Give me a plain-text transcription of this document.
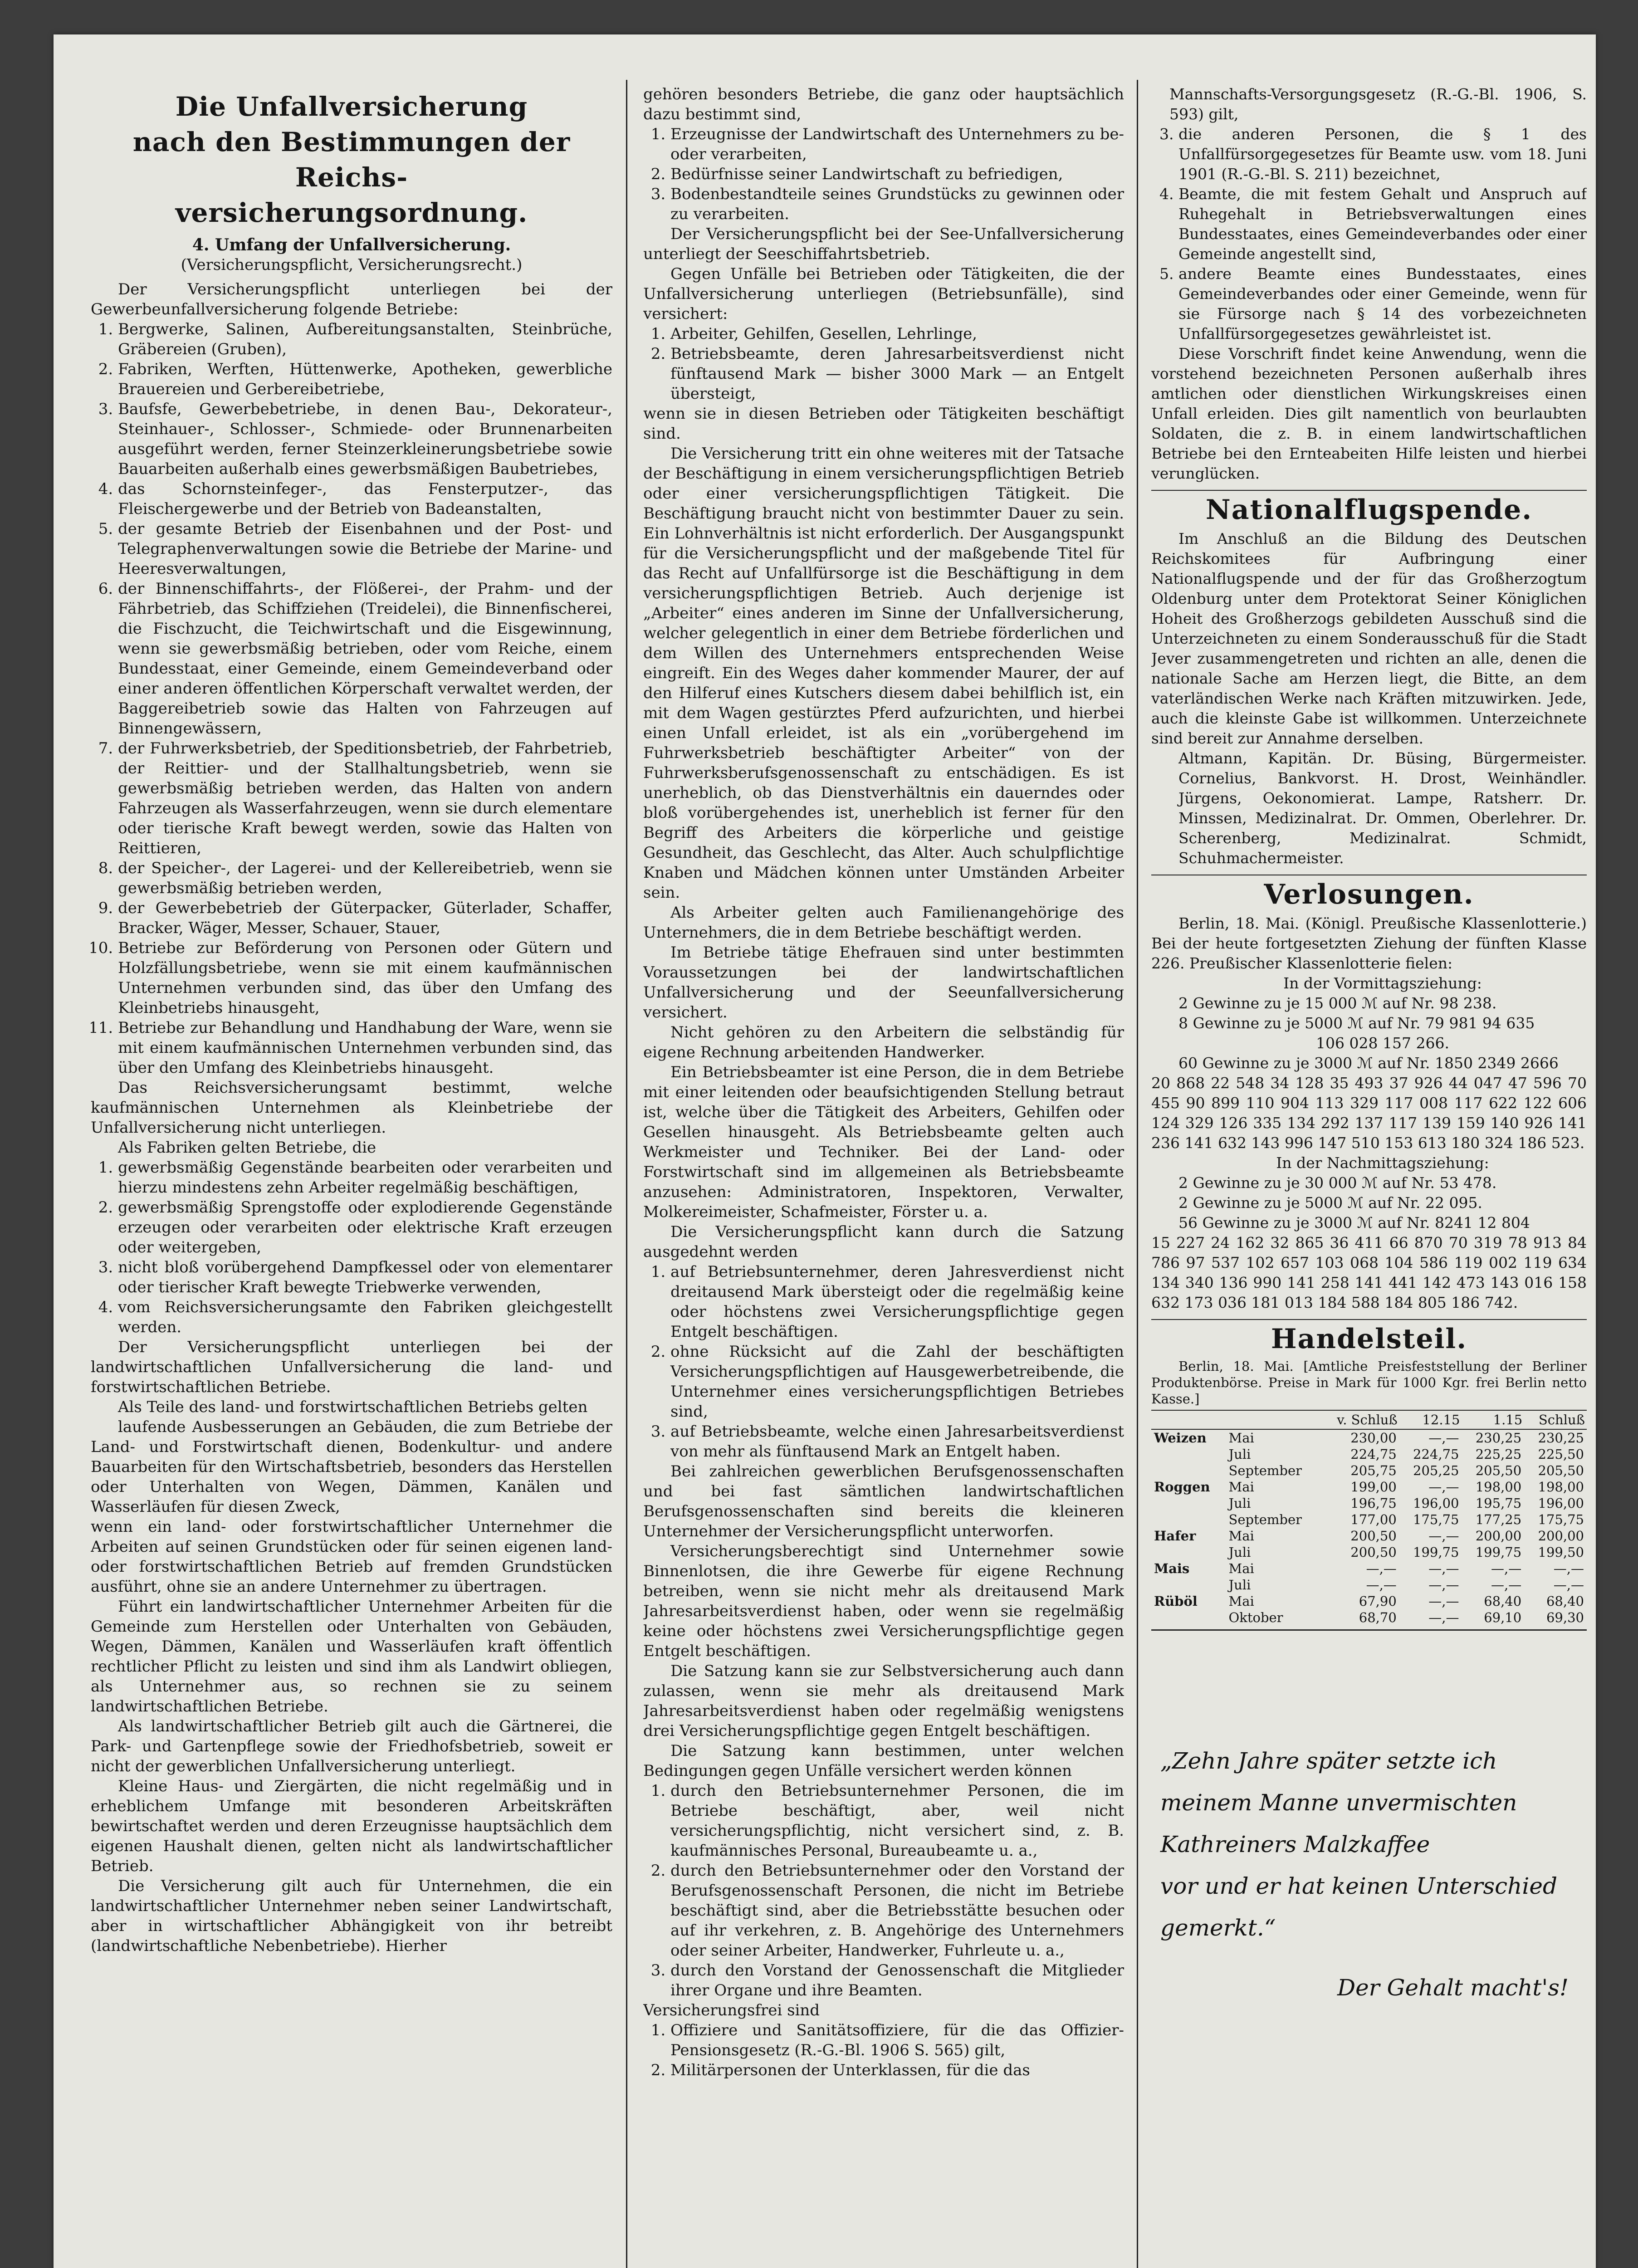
Die Unfallversicherung
nach den Bestimmungen der Reichs-
versicherungsordnung.
4. Umfang der Unfallversicherung.
(Versicherungspflicht, Versicherungsrecht.)

Der Versicherungspflicht unterliegen bei der Gewerbeunfallversicherung folgende Betriebe:

1. Bergwerke, Salinen, Aufbereitungsanstalten, Steinbrüche, Gräbereien (Gruben),
2. Fabriken, Werften, Hüttenwerke, Apotheken, gewerbliche Brauereien und Gerbereibetriebe,
3. Baufsfe, Gewerbebetriebe, in denen Bau-, Dekorateur-, Steinhauer-, Schlosser-, Schmiede- oder Brunnenarbeiten ausgeführt werden, ferner Steinzerkleinerungsbetriebe sowie Bauarbeiten außerhalb eines gewerbsmäßigen Baubetriebes,
4. das Schornsteinfeger-, das Fensterputzer-, das Fleischergewerbe und der Betrieb von Badeanstalten,
5. der gesamte Betrieb der Eisenbahnen und der Post- und Telegraphenverwaltungen sowie die Betriebe der Marine- und Heeresverwaltungen,
6. der Binnenschiffahrts-, der Flößerei-, der Prahm- und der Fährbetrieb, das Schiffziehen (Treidelei), die Binnenfischerei, die Fischzucht, die Teichwirtschaft und die Eisgewinnung, wenn sie gewerbsmäßig betrieben, oder vom Reiche, einem Bundesstaat, einer Gemeinde, einem Gemeindeverband oder einer anderen öffentlichen Körperschaft verwaltet werden, der Baggereibetrieb sowie das Halten von Fahrzeugen auf Binnengewässern,
7. der Fuhrwerksbetrieb, der Speditionsbetrieb, der Fahrbetrieb, der Reittier- und der Stallhaltungsbetrieb, wenn sie gewerbsmäßig betrieben werden, das Halten von andern Fahrzeugen als Wasserfahrzeugen, wenn sie durch elementare oder tierische Kraft bewegt werden, sowie das Halten von Reittieren,
8. der Speicher-, der Lagerei- und der Kellereibetrieb, wenn sie gewerbsmäßig betrieben werden,
9. der Gewerbebetrieb der Güterpacker, Güterlader, Schaffer, Bracker, Wäger, Messer, Schauer, Stauer,
10. Betriebe zur Beförderung von Personen oder Gütern und Holzfällungsbetriebe, wenn sie mit einem kaufmännischen Unternehmen verbunden sind, das über den Umfang des Kleinbetriebs hinausgeht,
11. Betriebe zur Behandlung und Handhabung der Ware, wenn sie mit einem kaufmännischen Unternehmen verbunden sind, das über den Umfang des Kleinbetriebs hinausgeht.

Das Reichsversicherungsamt bestimmt, welche kaufmännischen Unternehmen als Kleinbetriebe der Unfallversicherung nicht unterliegen.

Als Fabriken gelten Betriebe, die

1. gewerbsmäßig Gegenstände bearbeiten oder verarbeiten und hierzu mindestens zehn Arbeiter regelmäßig beschäftigen,
2. gewerbsmäßig Sprengstoffe oder explodierende Gegenstände erzeugen oder verarbeiten oder elektrische Kraft erzeugen oder weitergeben,
3. nicht bloß vorübergehend Dampfkessel oder von elementarer oder tierischer Kraft bewegte Triebwerke verwenden,
4. vom Reichsversicherungsamte den Fabriken gleichgestellt werden.

Der Versicherungspflicht unterliegen bei der landwirtschaftlichen Unfallversicherung die land- und forstwirtschaftlichen Betriebe.

Als Teile des land- und forstwirtschaftlichen Betriebs gelten

laufende Ausbesserungen an Gebäuden, die zum Betriebe der Land- und Forstwirtschaft dienen, Bodenkultur- und andere Bauarbeiten für den Wirtschaftsbetrieb, besonders das Herstellen oder Unterhalten von Wegen, Dämmen, Kanälen und Wasserläufen für diesen Zweck,

wenn ein land- oder forstwirtschaftlicher Unternehmer die Arbeiten auf seinen Grundstücken oder für seinen eigenen land- oder forstwirtschaftlichen Betrieb auf fremden Grundstücken ausführt, ohne sie an andere Unternehmer zu übertragen.

Führt ein landwirtschaftlicher Unternehmer Arbeiten für die Gemeinde zum Herstellen oder Unterhalten von Gebäuden, Wegen, Dämmen, Kanälen und Wasserläufen kraft öffentlich rechtlicher Pflicht zu leisten und sind ihm als Landwirt obliegen, als Unternehmer aus, so rechnen sie zu seinem landwirtschaftlichen Betriebe.

Als landwirtschaftlicher Betrieb gilt auch die Gärtnerei, die Park- und Gartenpflege sowie der Friedhofsbetrieb, soweit er nicht der gewerblichen Unfallversicherung unterliegt.

Kleine Haus- und Ziergärten, die nicht regelmäßig und in erheblichem Umfange mit besonderen Arbeitskräften bewirtschaftet werden und deren Erzeugnisse hauptsächlich dem eigenen Haushalt dienen, gelten nicht als landwirtschaftlicher Betrieb.

Die Versicherung gilt auch für Unternehmen, die ein landwirtschaftlicher Unternehmer neben seiner Landwirtschaft, aber in wirtschaftlicher Abhängigkeit von ihr betreibt (landwirtschaftliche Nebenbetriebe). Hierher

gehören besonders Betriebe, die ganz oder hauptsächlich dazu bestimmt sind,

1. Erzeugnisse der Landwirtschaft des Unternehmers zu be- oder verarbeiten,
2. Bedürfnisse seiner Landwirtschaft zu befriedigen,
3. Bodenbestandteile seines Grundstücks zu gewinnen oder zu verarbeiten.

Der Versicherungspflicht bei der See-Unfallversicherung unterliegt der Seeschiffahrtsbetrieb.

Gegen Unfälle bei Betrieben oder Tätigkeiten, die der Unfallversicherung unterliegen (Betriebsunfälle), sind versichert:

1. Arbeiter, Gehilfen, Gesellen, Lehrlinge,
2. Betriebsbeamte, deren Jahresarbeitsverdienst nicht fünftausend Mark — bisher 3000 Mark — an Entgelt übersteigt,

wenn sie in diesen Betrieben oder Tätigkeiten beschäftigt sind.

Die Versicherung tritt ein ohne weiteres mit der Tatsache der Beschäftigung in einem versicherungspflichtigen Betrieb oder einer versicherungspflichtigen Tätigkeit. Die Beschäftigung braucht nicht von bestimmter Dauer zu sein. Ein Lohnverhältnis ist nicht erforderlich. Der Ausgangspunkt für die Versicherungspflicht und der maßgebende Titel für das Recht auf Unfallfürsorge ist die Beschäftigung in dem versicherungspflichtigen Betrieb. Auch derjenige ist „Arbeiter“ eines anderen im Sinne der Unfallversicherung, welcher gelegentlich in einer dem Betriebe förderlichen und dem Willen des Unternehmers entsprechenden Weise eingreift. Ein des Weges daher kommender Maurer, der auf den Hilferuf eines Kutschers diesem dabei behilflich ist, ein mit dem Wagen gestürztes Pferd aufzurichten, und hierbei einen Unfall erleidet, ist als ein „vorübergehend im Fuhrwerksbetrieb beschäftigter Arbeiter“ von der Fuhrwerksberufsgenossenschaft zu entschädigen. Es ist unerheblich, ob das Dienstverhältnis ein dauerndes oder bloß vorübergehendes ist, unerheblich ist ferner für den Begriff des Arbeiters die körperliche und geistige Gesundheit, das Geschlecht, das Alter. Auch schulpflichtige Knaben und Mädchen können unter Umständen Arbeiter sein.

Als Arbeiter gelten auch Familienangehörige des Unternehmers, die in dem Betriebe beschäftigt werden.

Im Betriebe tätige Ehefrauen sind unter bestimmten Voraussetzungen bei der landwirtschaftlichen Unfallversicherung und der Seeunfallversicherung versichert.

Nicht gehören zu den Arbeitern die selbständig für eigene Rechnung arbeitenden Handwerker.

Ein Betriebsbeamter ist eine Person, die in dem Betriebe mit einer leitenden oder beaufsichtigenden Stellung betraut ist, welche über die Tätigkeit des Arbeiters, Gehilfen oder Gesellen hinausgeht. Als Betriebsbeamte gelten auch Werkmeister und Techniker. Bei der Land- oder Forstwirtschaft sind im allgemeinen als Betriebsbeamte anzusehen: Administratoren, Inspektoren, Verwalter, Molkereimeister, Schafmeister, Förster u. a.

Die Versicherungspflicht kann durch die Satzung ausgedehnt werden

1. auf Betriebsunternehmer, deren Jahresverdienst nicht dreitausend Mark übersteigt oder die regelmäßig keine oder höchstens zwei Versicherungspflichtige gegen Entgelt beschäftigen.
2. ohne Rücksicht auf die Zahl der beschäftigten Versicherungspflichtigen auf Hausgewerbetreibende, die Unternehmer eines versicherungspflichtigen Betriebes sind,
3. auf Betriebsbeamte, welche einen Jahresarbeitsverdienst von mehr als fünftausend Mark an Entgelt haben.

Bei zahlreichen gewerblichen Berufsgenossenschaften und bei fast sämtlichen landwirtschaftlichen Berufsgenossenschaften sind bereits die kleineren Unternehmer der Versicherungspflicht unterworfen.

Versicherungsberechtigt sind Unternehmer sowie Binnenlotsen, die ihre Gewerbe für eigene Rechnung betreiben, wenn sie nicht mehr als dreitausend Mark Jahresarbeitsverdienst haben, oder wenn sie regelmäßig keine oder höchstens zwei Versicherungspflichtige gegen Entgelt beschäftigen.

Die Satzung kann sie zur Selbstversicherung auch dann zulassen, wenn sie mehr als dreitausend Mark Jahresarbeitsverdienst haben oder regelmäßig wenigstens drei Versicherungspflichtige gegen Entgelt beschäftigen.

Die Satzung kann bestimmen, unter welchen Bedingungen gegen Unfälle versichert werden können

1. durch den Betriebsunternehmer Personen, die im Betriebe beschäftigt, aber, weil nicht versicherungspflichtig, nicht versichert sind, z. B. kaufmännisches Personal, Bureaubeamte u. a.,
2. durch den Betriebsunternehmer oder den Vorstand der Berufsgenossenschaft Personen, die nicht im Betriebe beschäftigt sind, aber die Betriebsstätte besuchen oder auf ihr verkehren, z. B. Angehörige des Unternehmers oder seiner Arbeiter, Handwerker, Fuhrleute u. a.,
3. durch den Vorstand der Genossenschaft die Mitglieder ihrer Organe und ihre Beamten.

Versicherungsfrei sind

1. Offiziere und Sanitätsoffiziere, für die das Offizier-Pensionsgesetz (R.-G.-Bl. 1906 S. 565) gilt,
2. Militärpersonen der Unterklassen, für die das

Mannschafts-Versorgungsgesetz (R.-G.-Bl. 1906, S. 593) gilt,

3. die anderen Personen, die § 1 des Unfallfürsorgegesetzes für Beamte usw. vom 18. Juni 1901 (R.-G.-Bl. S. 211) bezeichnet,
4. Beamte, die mit festem Gehalt und Anspruch auf Ruhegehalt in Betriebsverwaltungen eines Bundesstaates, eines Gemeindeverbandes oder einer Gemeinde angestellt sind,
5. andere Beamte eines Bundesstaates, eines Gemeindeverbandes oder einer Gemeinde, wenn für sie Fürsorge nach § 14 des vorbezeichneten Unfallfürsorgegesetzes gewährleistet ist.

Diese Vorschrift findet keine Anwendung, wenn die vorstehend bezeichneten Personen außerhalb ihres amtlichen oder dienstlichen Wirkungskreises einen Unfall erleiden. Dies gilt namentlich von beurlaubten Soldaten, die z. B. in einem landwirtschaftlichen Betriebe bei den Ernteabeiten Hilfe leisten und hierbei verunglücken.

Nationalflugspende.

Im Anschluß an die Bildung des Deutschen Reichskomitees für Aufbringung einer Nationalflugspende und der für das Großherzogtum Oldenburg unter dem Protektorat Seiner Königlichen Hoheit des Großherzogs gebildeten Ausschuß sind die Unterzeichneten zu einem Sonderausschuß für die Stadt Jever zusammengetreten und richten an alle, denen die nationale Sache am Herzen liegt, die Bitte, an dem vaterländischen Werke nach Kräften mitzuwirken. Jede, auch die kleinste Gabe ist willkommen. Unterzeichnete sind bereit zur Annahme derselben.

Altmann, Kapitän. Dr. Büsing, Bürgermeister. Cornelius, Bankvorst. H. Drost, Weinhändler. Jürgens, Oekonomierat. Lampe, Ratsherr. Dr. Minssen, Medizinalrat. Dr. Ommen, Oberlehrer. Dr. Scherenberg, Medizinalrat. Schmidt, Schuhmachermeister.

Verlosungen.

Berlin, 18. Mai. (Königl. Preußische Klassenlotterie.) Bei der heute fortgesetzten Ziehung der fünften Klasse 226. Preußischer Klassenlotterie fielen:

In der Vormittagsziehung:

2 Gewinne zu je 15 000 ℳ auf Nr. 98 238.

8 Gewinne zu je 5000 ℳ auf Nr. 79 981 94 635

106 028 157 266.

60 Gewinne zu je 3000 ℳ auf Nr. 1850 2349 2666

20 868 22 548 34 128 35 493 37 926 44 047 47 596 70 455 90 899 110 904 113 329 117 008 117 622 122 606 124 329 126 335 134 292 137 117 139 159 140 926 141 236 141 632 143 996 147 510 153 613 180 324 186 523.

In der Nachmittagsziehung:

2 Gewinne zu je 30 000 ℳ auf Nr. 53 478.

2 Gewinne zu je 5000 ℳ auf Nr. 22 095.

56 Gewinne zu je 3000 ℳ auf Nr. 8241 12 804

15 227 24 162 32 865 36 411 66 870 70 319 78 913 84 786 97 537 102 657 103 068 104 586 119 002 119 634 134 340 136 990 141 258 141 441 142 473 143 016 158 632 173 036 181 013 184 588 184 805 186 742.

Handelsteil.

Berlin, 18. Mai. [Amtliche Preisfeststellung der Berliner Produktenbörse. Preise in Mark für 1000 Kgr. frei Berlin netto Kasse.]

		v. Schluß	12.15	1.15	Schluß
Weizen	Mai	230,00	—,—	230,25	230,25
	Juli	224,75	224,75	225,25	225,50
	September	205,75	205,25	205,50	205,50
Roggen	Mai	199,00	—,—	198,00	198,00
	Juli	196,75	196,00	195,75	196,00
	September	177,00	175,75	177,25	175,75
Hafer	Mai	200,50	—,—	200,00	200,00
	Juli	200,50	199,75	199,75	199,50
Mais	Mai	—,—	—,—	—,—	—,—
	Juli	—,—	—,—	—,—	—,—
Rüböl	Mai	67,90	—,—	68,40	68,40
	Oktober	68,70	—,—	69,10	69,30
„Zehn Jahre später setzte ich
meinem Manne unvermischten
Kathreiners Malzkaffee
vor und er hat keinen Unterschied
gemerkt.“
Der Gehalt macht's!
